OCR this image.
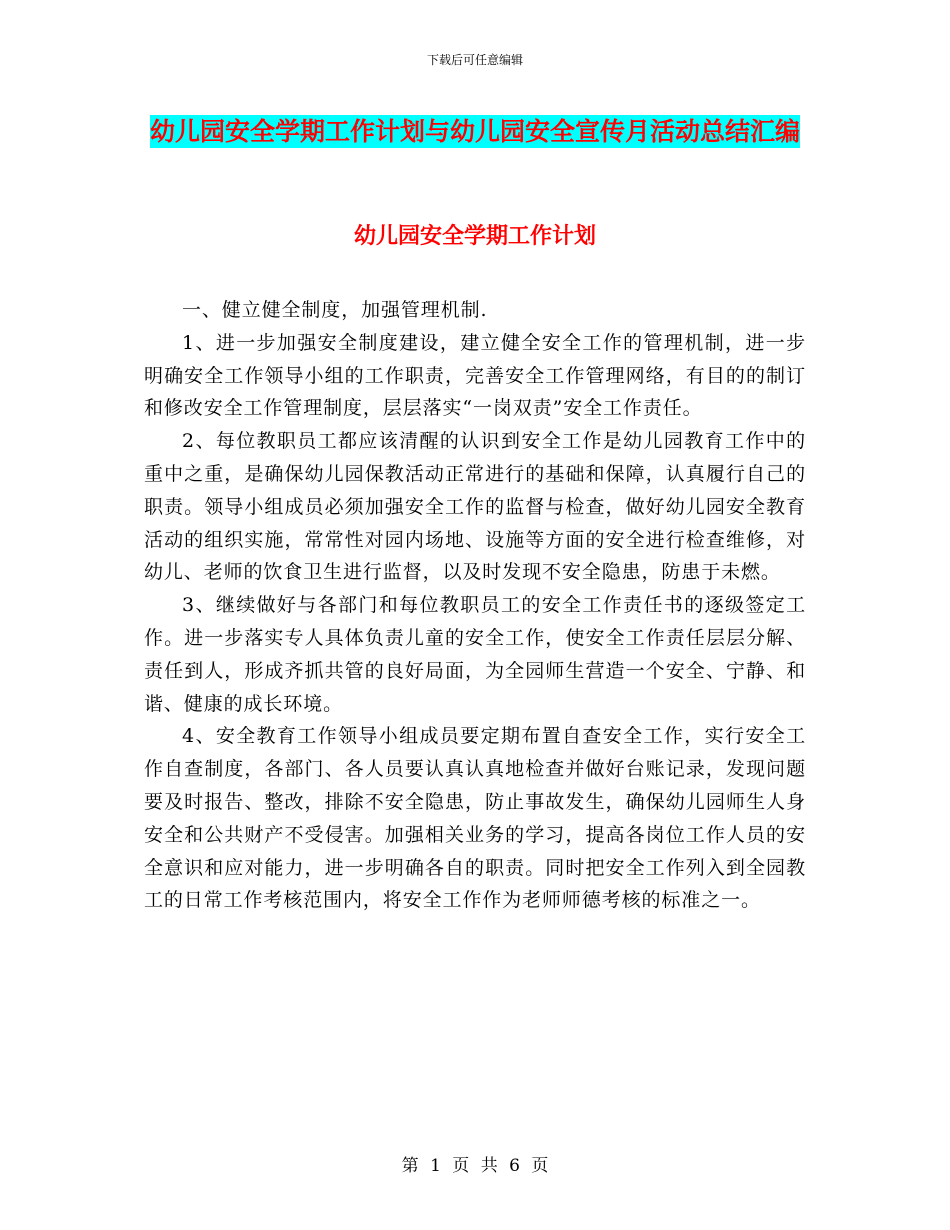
下载后可任意编辑
幼儿园安全学期工作计划与幼儿园安全宣传月活动总结汇编
幼儿园安全学期工作计划

一、健立健全制度，加强管理机制.

1、进一步加强安全制度建设，建立健全安全工作的管理机制，进一步明确安全工作领导小组的工作职责，完善安全工作管理网络，有目的的制订和修改安全工作管理制度，层层落实“一岗双责”安全工作责任。

2、每位教职员工都应该清醒的认识到安全工作是幼儿园教育工作中的重中之重，是确保幼儿园保教活动正常进行的基础和保障，认真履行自己的职责。领导小组成员必须加强安全工作的监督与检查，做好幼儿园安全教育活动的组织实施，常常性对园内场地、设施等方面的安全进行检查维修，对幼儿、老师的饮食卫生进行监督，以及时发现不安全隐患，防患于未燃。

3、继续做好与各部门和每位教职员工的安全工作责任书的逐级签定工作。进一步落实专人具体负责儿童的安全工作，使安全工作责任层层分解、责任到人，形成齐抓共管的良好局面，为全园师生营造一个安全、宁静、和谐、健康的成长环境。

4、安全教育工作领导小组成员要定期布置自查安全工作，实行安全工作自查制度，各部门、各人员要认真认真地检查并做好台账记录，发现问题要及时报告、整改，排除不安全隐患，防止事故发生，确保幼儿园师生人身安全和公共财产不受侵害。加强相关业务的学习，提高各岗位工作人员的安全意识和应对能力，进一步明确各自的职责。同时把安全工作列入到全园教工的日常工作考核范围内，将安全工作作为老师师德考核的标准之一。

第 1 页 共 6 页
